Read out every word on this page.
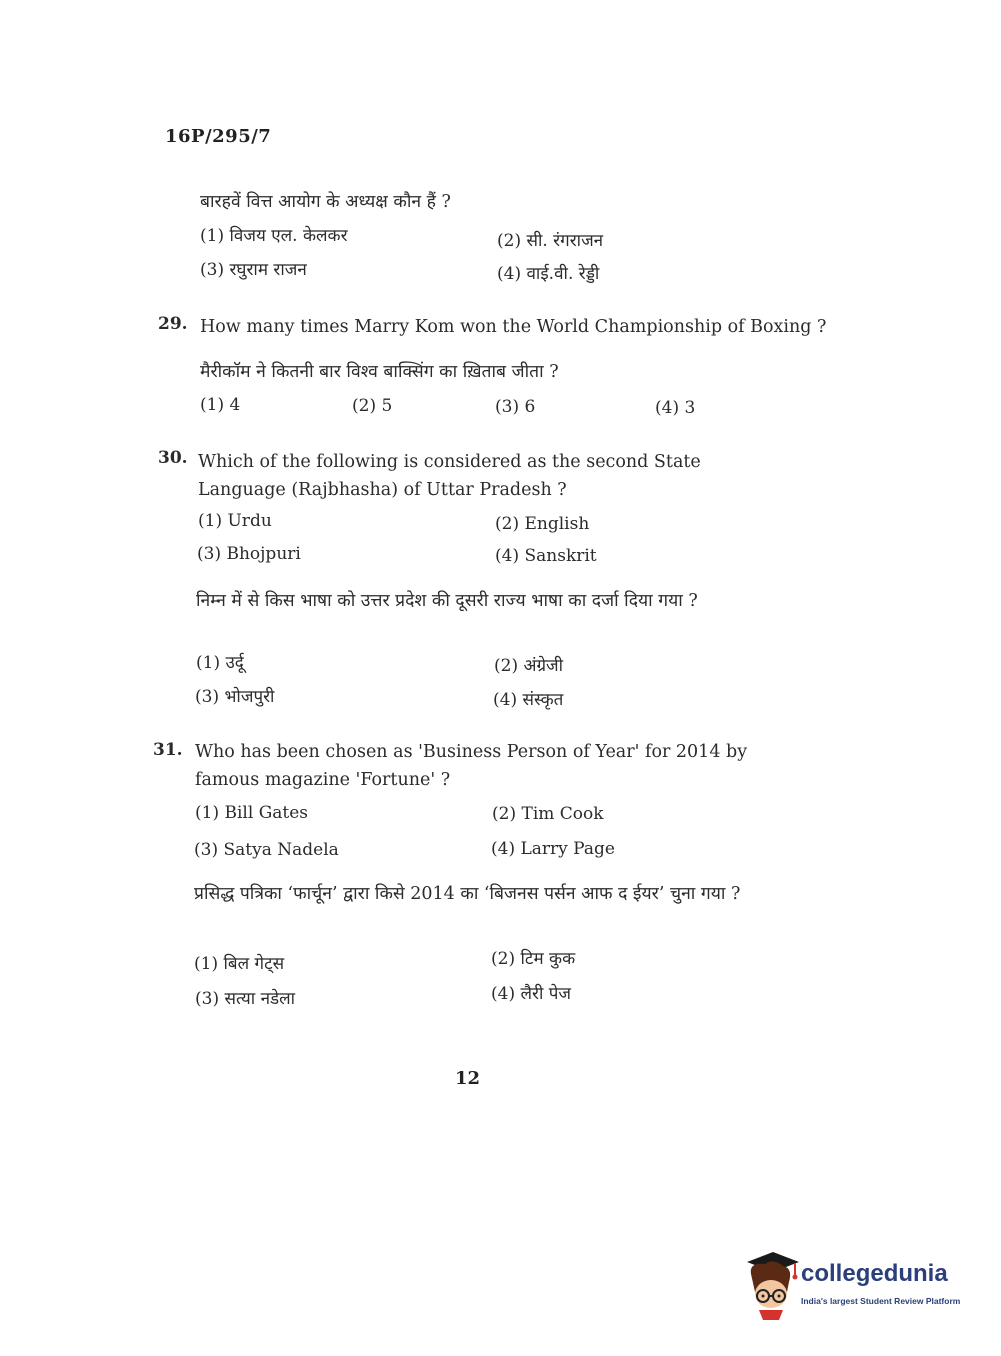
16P/295/7
बारहवें वित्त आयोग के अध्यक्ष कौन हैं ?
(1) विजय एल. केलकर	(2) सी. रंगराजन
(3) रघुराम राजन	(4) वाई.वी. रेड्डी
29. How many times Marry Kom won the World Championship of Boxing ?
मैरीकॉम ने कितनी बार विश्व बाक्सिंग का ख़िताब जीता ?
(1) 4	(2) 5	(3) 6	(4) 3
30. Which of the following is considered as the second State Language (Rajbhasha) of Uttar Pradesh ?
(1) Urdu	(2) English
(3) Bhojpuri	(4) Sanskrit
निम्न में से किस भाषा को उत्तर प्रदेश की दूसरी राज्य भाषा का दर्जा दिया गया ?
(1) उर्दू	(2) अंग्रेजी
(3) भोजपुरी	(4) संस्कृत
31. Who has been chosen as 'Business Person of Year' for 2014 by famous magazine 'Fortune' ?
(1) Bill Gates	(2) Tim Cook
(3) Satya Nadela	(4) Larry Page
प्रसिद्ध पत्रिका ‘फार्चून’ द्वारा किसे 2014 का ‘बिजनस पर्सन आफ द ईयर’ चुना गया ?
(1) बिल गेट्स	(2) टिम कुक
(3) सत्या नडेला	(4) लैरी पेज
12
collegedunia
India's largest Student Review Platform
